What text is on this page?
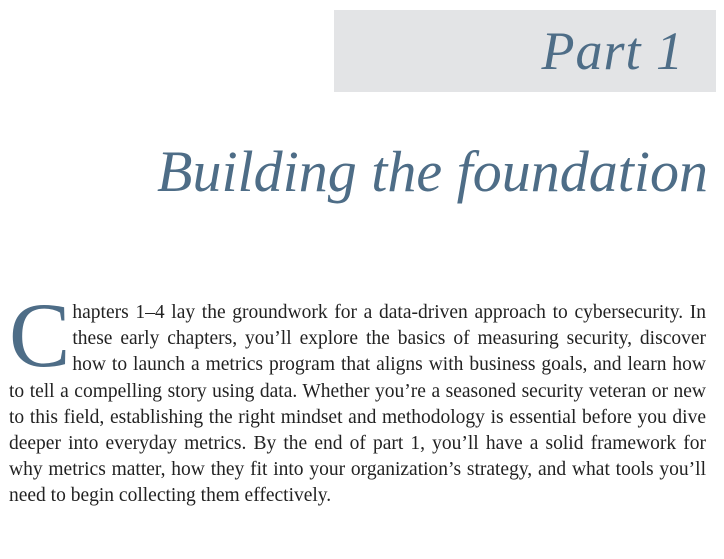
Part 1
Building the foundation
C hapters 1–4 lay the groundwork for a data-driven approach to cybersecurity. In these early chapters, you’ll explore the basics of measuring security, discover how to launch a metrics program that aligns with business goals, and learn how to tell a compelling story using data. Whether you’re a seasoned security veteran or new to this field, establishing the right mindset and methodology is essential before you dive deeper into everyday metrics. By the end of part 1, you’ll have a solid framework for why metrics matter, how they fit into your organization’s strategy, and what tools you’ll need to begin collecting them effectively.
